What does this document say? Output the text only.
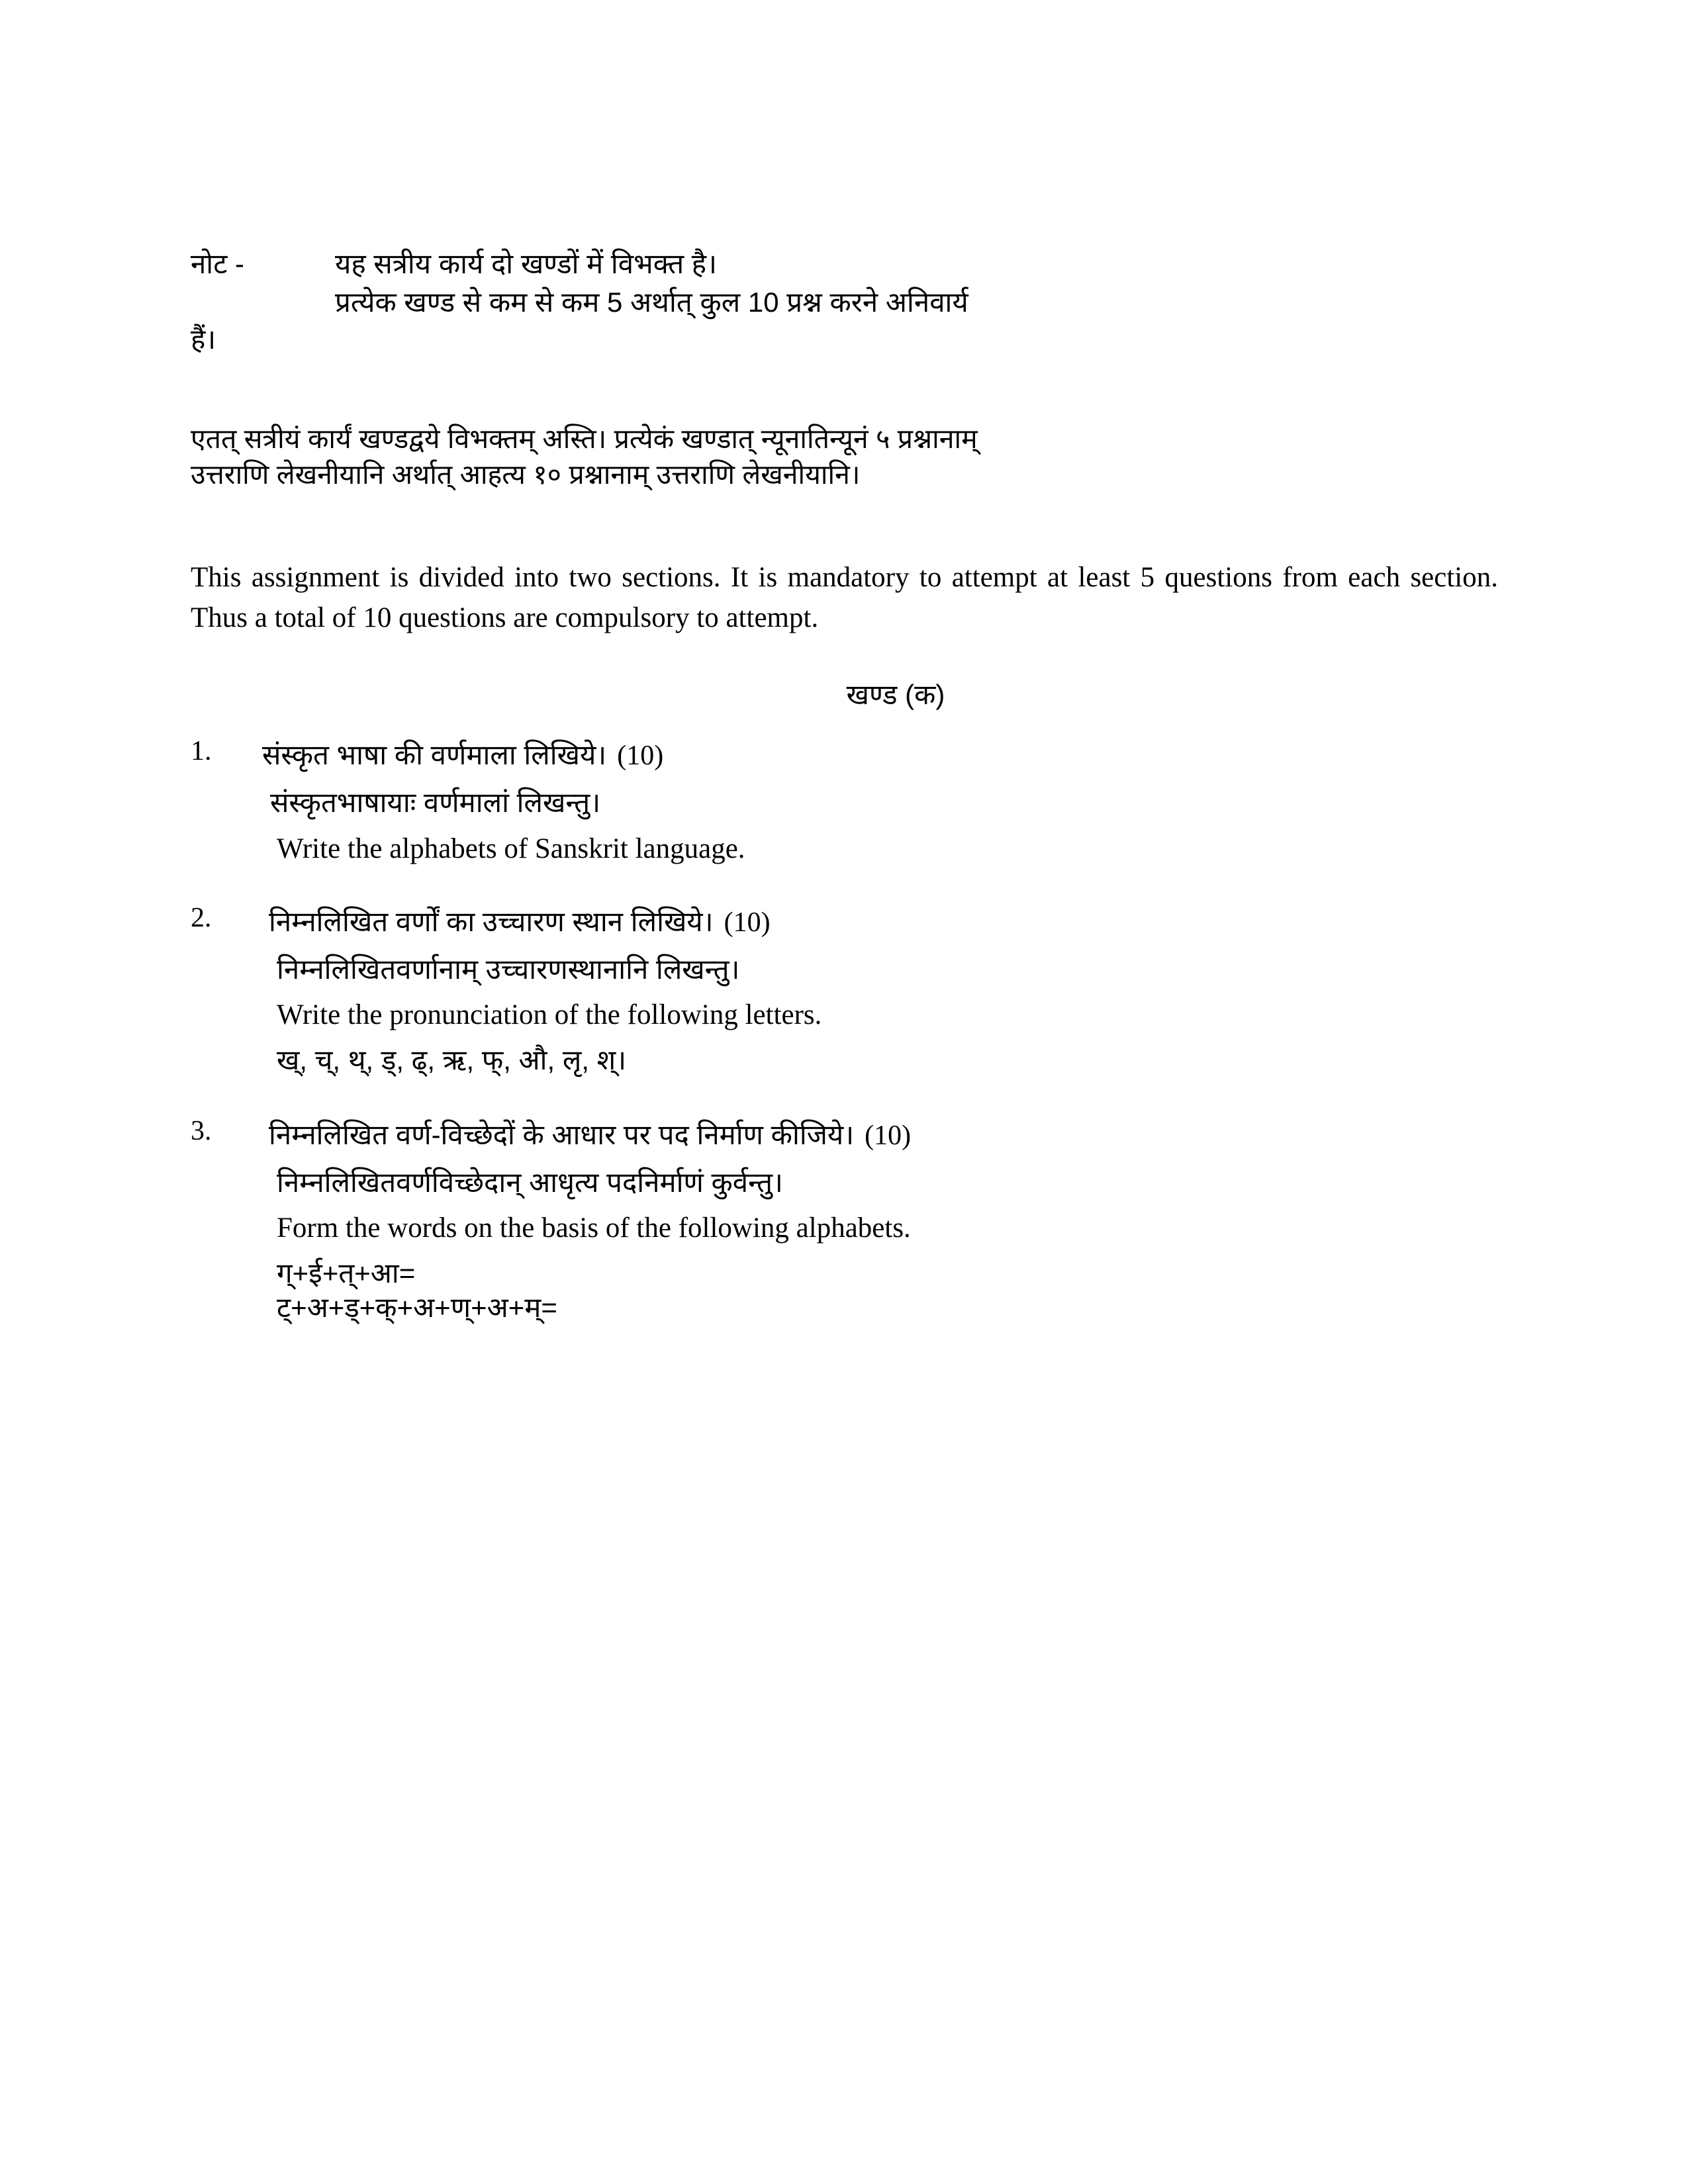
नोट -	यह सत्रीय कार्य दो खण्डों में विभक्त है।
प्रत्येक खण्ड से कम से कम 5 अर्थात् कुल 10 प्रश्न करने अनिवार्य
हैं।
एतत् सत्रीयं कार्यं खण्डद्वये विभक्तम् अस्ति। प्रत्येकं खण्डात् न्यूनातिन्यूनं ५ प्रश्नानाम्
उत्तराणि लेखनीयानि अर्थात् आहत्य १० प्रश्नानाम् उत्तराणि लेखनीयानि।
This assignment is divided into two sections. It is mandatory to attempt at least 5 questions from each section. Thus a total of 10 questions are compulsory to attempt.
खण्ड (क)
1. संस्कृत भाषा की वर्णमाला लिखिये। (10)
संस्कृतभाषायाः वर्णमालां लिखन्तु।
Write the alphabets of Sanskrit language.
2. निम्नलिखित वर्णों का उच्चारण स्थान लिखिये। (10)
निम्नलिखितवर्णानाम् उच्चारणस्थानानि लिखन्तु।
Write the pronunciation of the following letters.
ख्, च्, थ्, ड्, ढ्, ऋ, फ्, औ, लृ, श्।
3. निम्नलिखित वर्ण-विच्छेदों के आधार पर पद निर्माण कीजिये। (10)
निम्नलिखितवर्णविच्छेदान् आधृत्य पदनिर्माणं कुर्वन्तु।
Form the words on the basis of the following alphabets.
ग्+ई+त्+आ=
ट्+अ+ड्+क्+अ+ण्+अ+म्=
